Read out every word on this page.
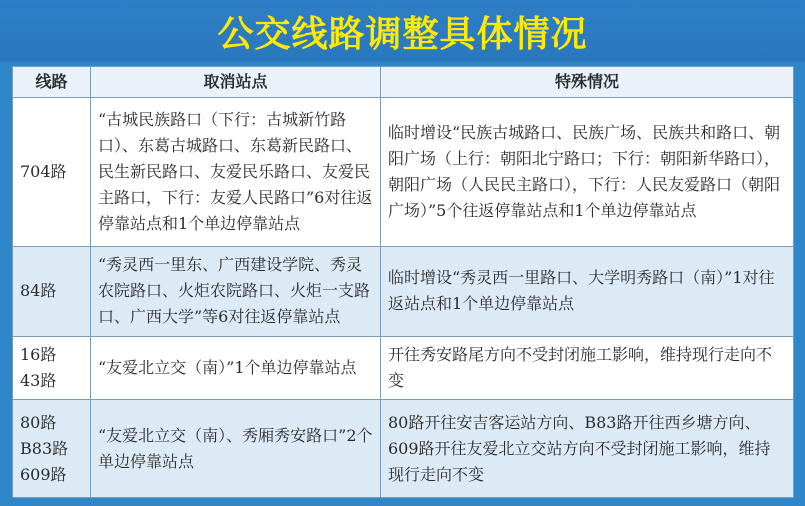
公交线路调整具体情况
线路	取消站点	特殊情况
704路	“古城民族路口（下行：古城新竹路口）、东葛古城路口、东葛新民路口、民生新民路口、友爱民乐路口、友爱民主路口，下行：友爱人民路口”6对往返停靠站点和1个单边停靠站点	临时增设“民族古城路口、民族广场、民族共和路口、朝阳广场（上行：朝阳北宁路口；下行：朝阳新华路口），朝阳广场（人民民主路口），下行：人民友爱路口（朝阳广场）”5个往返停靠站点和1个单边停靠站点
84路	“秀灵西一里东、广西建设学院、秀灵农院路口、火炬农院路口、火炬一支路口、广西大学”等6对往返停靠站点	临时增设“秀灵西一里路口、大学明秀路口（南）”1对往返站点和1个单边停靠站点
16路
43路	“友爱北立交（南）”1个单边停靠站点	开往秀安路尾方向不受封闭施工影响，维持现行走向不变
80路
B83路
609路	“友爱北立交（南）、秀厢秀安路口”2个单边停靠站点	80路开往安吉客运站方向、B83路开往西乡塘方向、609路开往友爱北立交站方向不受封闭施工影响，维持现行走向不变
